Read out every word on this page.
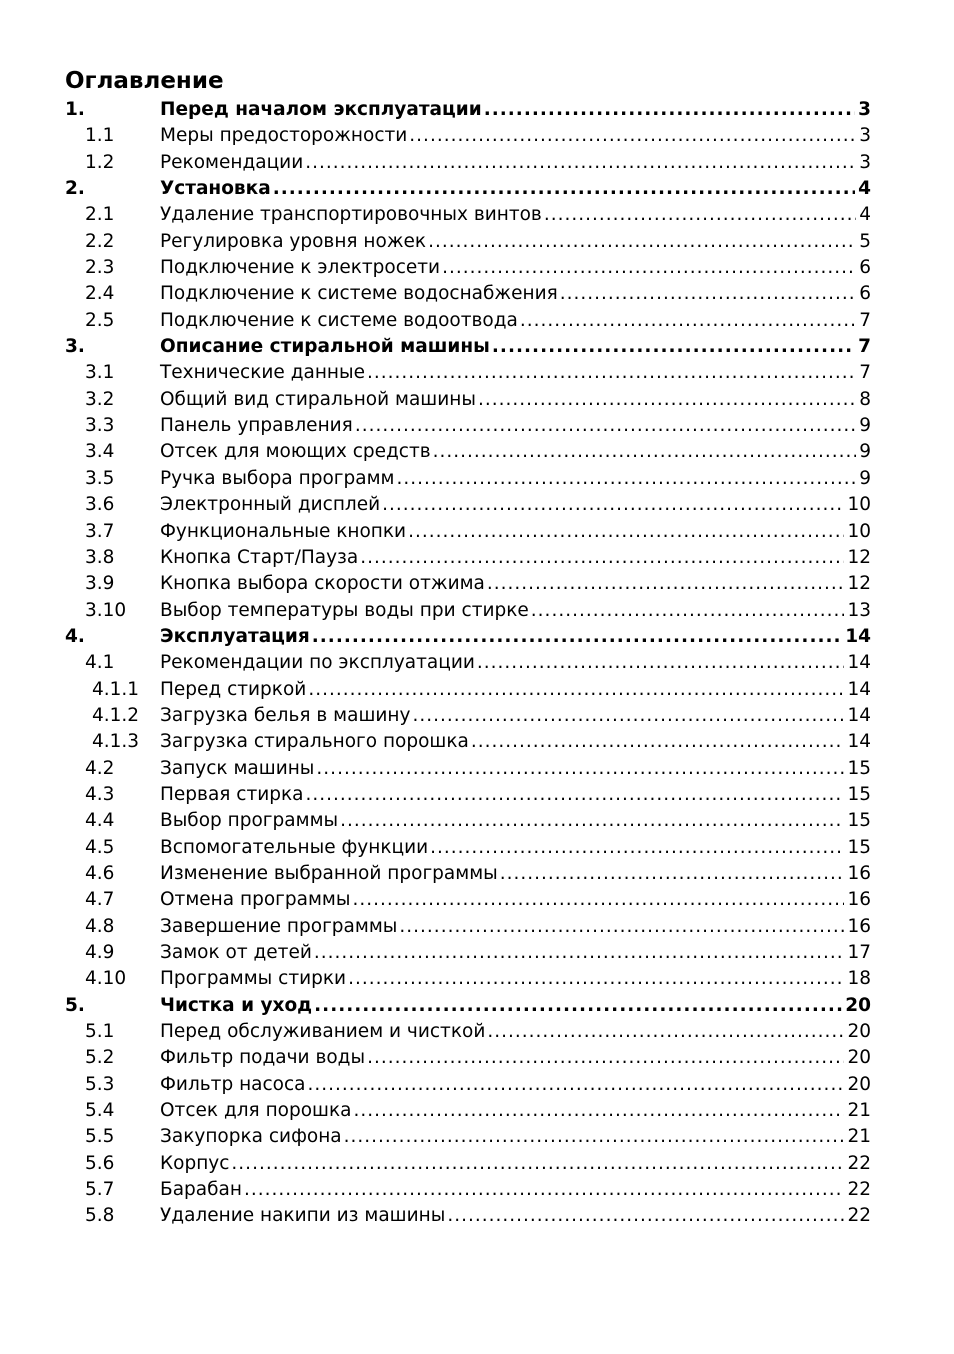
Оглавление
1.	Перед началом эксплуатации .....	3
1.1	Меры предосторожности .....	3
1.2	Рекомендации .....	3
2.	Установка .....	4
2.1	Удаление транспортировочных винтов .....	4
2.2	Регулировка уровня ножек .....	5
2.3	Подключение к электросети .....	6
2.4	Подключение к системе водоснабжения .....	6
2.5	Подключение к системе водоотвода .....	7
3.	Описание стиральной машины .....	7
3.1	Технические данные .....	7
3.2	Общий вид стиральной машины .....	8
3.3	Панель управления .....	9
3.4	Отсек для моющих средств .....	9
3.5	Ручка выбора программ .....	9
3.6	Электронный дисплей .....	10
3.7	Функциональные кнопки .....	10
3.8	Кнопка Старт/Пауза .....	12
3.9	Кнопка выбора скорости отжима .....	12
3.10	Выбор температуры воды при стирке .....	13
4.	Эксплуатация .....	14
4.1	Рекомендации по эксплуатации .....	14
4.1.1	Перед стиркой .....	14
4.1.2	Загрузка белья в машину .....	14
4.1.3	Загрузка стирального порошка .....	14
4.2	Запуск машины .....	15
4.3	Первая стирка .....	15
4.4	Выбор программы .....	15
4.5	Вспомогательные функции .....	15
4.6	Изменение выбранной программы .....	16
4.7	Отмена программы .....	16
4.8	Завершение программы .....	16
4.9	Замок от детей .....	17
4.10	Программы стирки .....	18
5.	Чистка и уход .....	20
5.1	Перед обслуживанием и чисткой .....	20
5.2	Фильтр подачи воды .....	20
5.3	Фильтр насоса .....	20
5.4	Отсек для порошка .....	21
5.5	Закупорка сифона .....	21
5.6	Корпус .....	22
5.7	Барабан .....	22
5.8	Удаление накипи из машины .....	22
